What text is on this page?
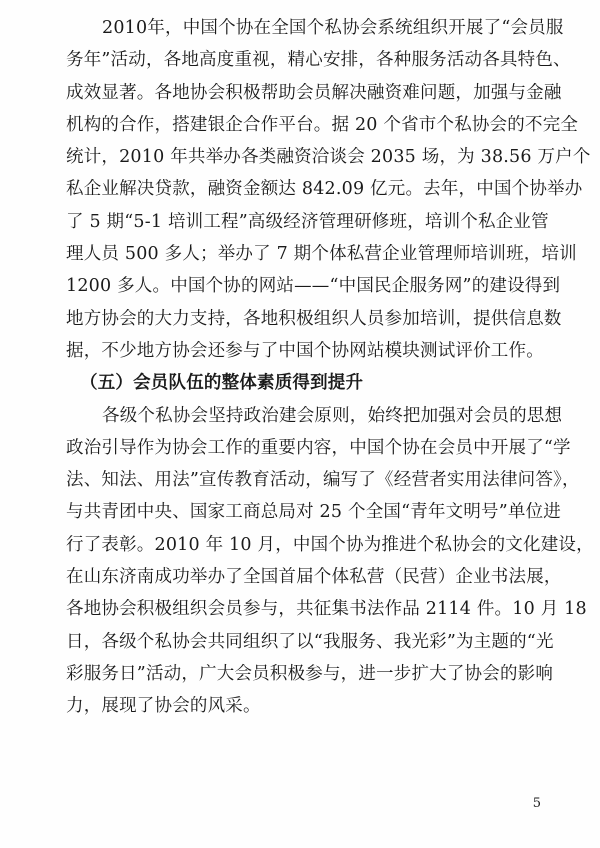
2010年，中国个协在全国个私协会系统组织开展了“会员服
务年”活动，各地高度重视，精心安排，各种服务活动各具特色、
成效显著。各地协会积极帮助会员解决融资难问题，加强与金融
机构的合作，搭建银企合作平台。据 20 个省市个私协会的不完全
统计，2010 年共举办各类融资洽谈会 2035 场，为 38.56 万户个
私企业解决贷款，融资金额达 842.09 亿元。去年，中国个协举办
了 5 期“5-1 培训工程”高级经济管理研修班，培训个私企业管
理人员 500 多人；举办了 7 期个体私营企业管理师培训班，培训
1200 多人。中国个协的网站——“中国民企服务网”的建设得到
地方协会的大力支持，各地积极组织人员参加培训，提供信息数
据，不少地方协会还参与了中国个协网站模块测试评价工作。
（五）会员队伍的整体素质得到提升
各级个私协会坚持政治建会原则，始终把加强对会员的思想
政治引导作为协会工作的重要内容，中国个协在会员中开展了“学
法、知法、用法”宣传教育活动，编写了《经营者实用法律问答》，
与共青团中央、国家工商总局对 25 个全国“青年文明号”单位进
行了表彰。2010 年 10 月，中国个协为推进个私协会的文化建设，
在山东济南成功举办了全国首届个体私营（民营）企业书法展，
各地协会积极组织会员参与，共征集书法作品 2114 件。10 月 18
日，各级个私协会共同组织了以“我服务、我光彩”为主题的“光
彩服务日”活动，广大会员积极参与，进一步扩大了协会的影响
力，展现了协会的风采。
5
